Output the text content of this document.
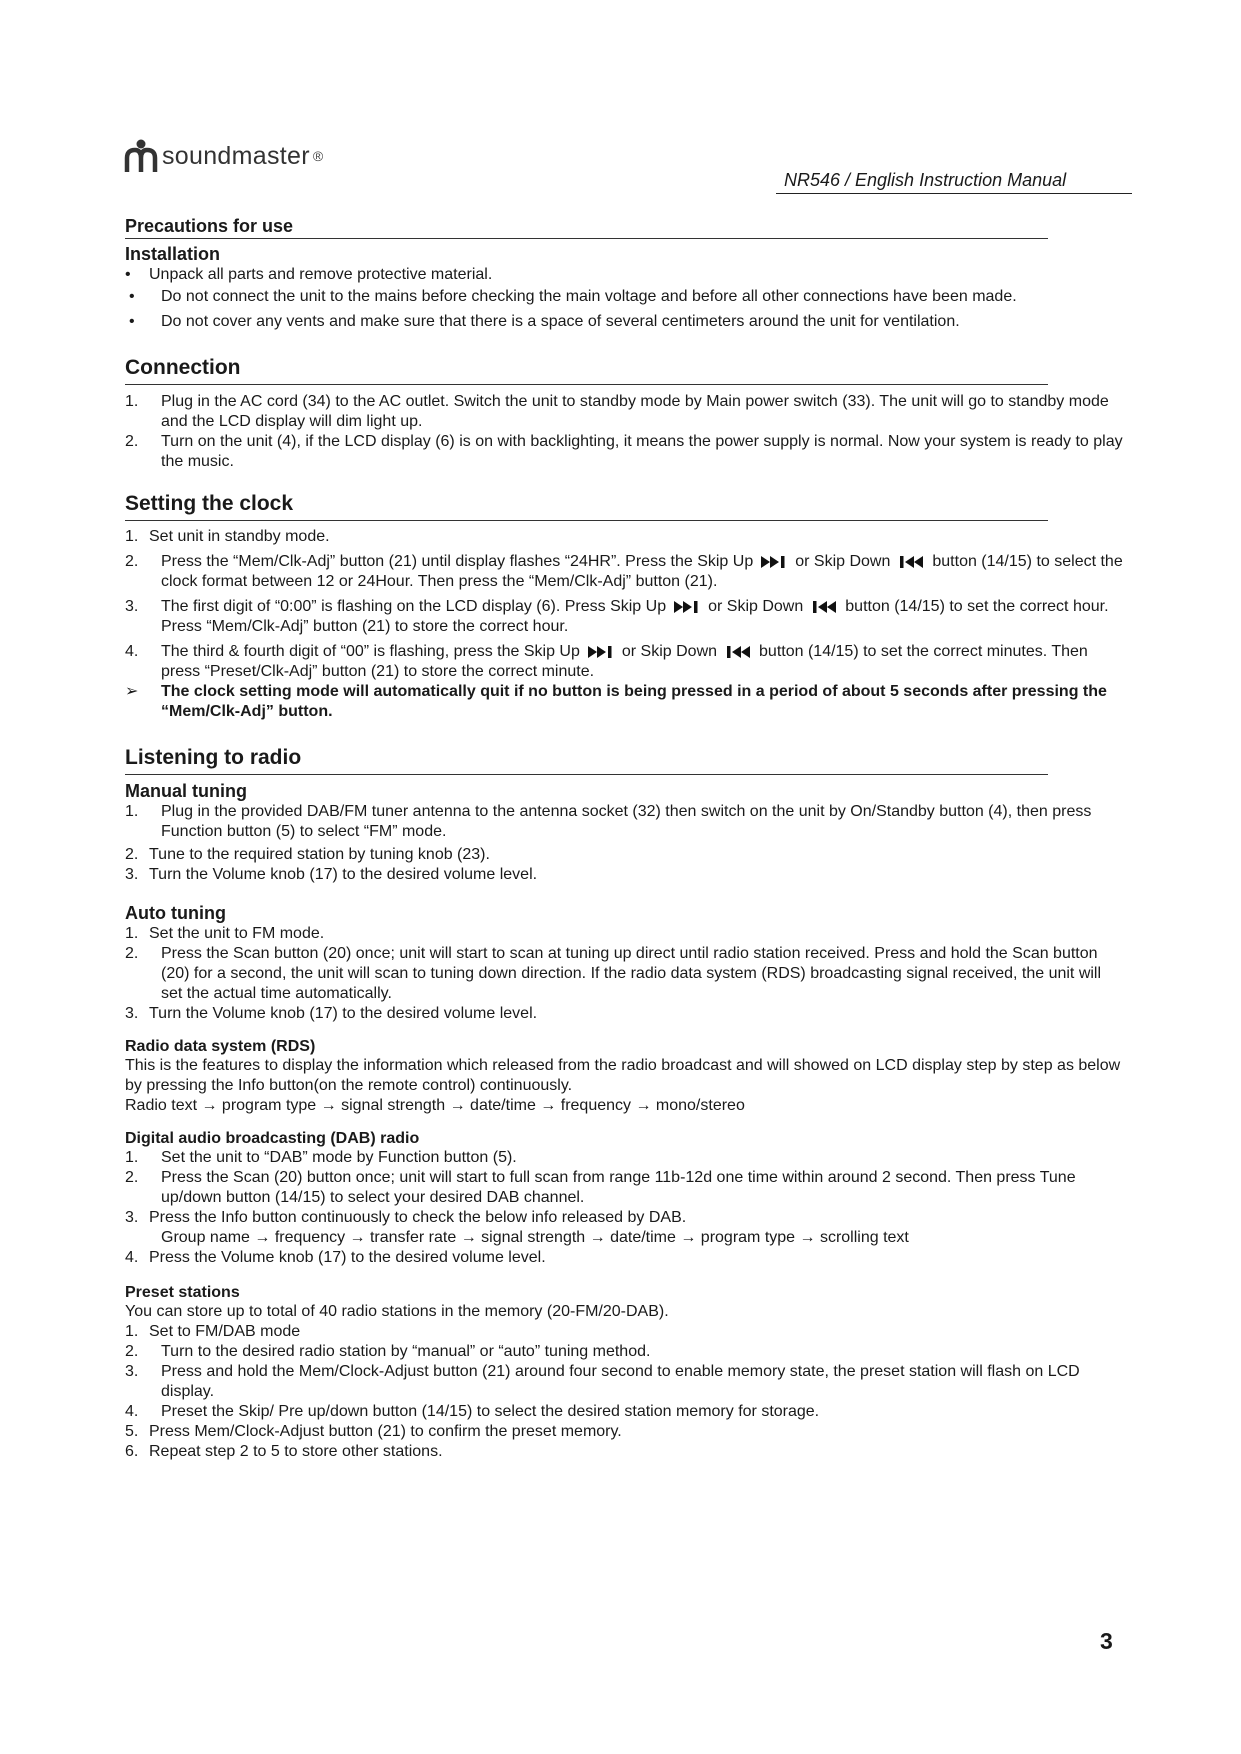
soundmaster ®
NR546 / English Instruction Manual
Precautions for use
Installation
• Unpack all parts and remove protective material.
• Do not connect the unit to the mains before checking the main voltage and before all other connections have been made.
• Do not cover any vents and make sure that there is a space of several centimeters around the unit for ventilation.
Connection
1. Plug in the AC cord (34) to the AC outlet. Switch the unit to standby mode by Main power switch (33). The unit will go to standby mode and the LCD display will dim light up.
2. Turn on the unit (4), if the LCD display (6) is on with backlighting, it means the power supply is normal. Now your system is ready to play the music.
Setting the clock
1. Set unit in standby mode.
2. Press the “Mem/Clk-Adj” button (21) until display flashes “24HR”. Press the Skip Up	or Skip Down	button (14/15) to select the clock format between 12 or 24Hour. Then press the “Mem/Clk-Adj” button (21).
3. The first digit of “0:00” is flashing on the LCD display (6). Press Skip Up	or Skip Down	button (14/15) to set the correct hour. Press “Mem/Clk-Adj” button (21) to store the correct hour.
4. The third & fourth digit of “00” is flashing, press the Skip Up	or Skip Down	button (14/15) to set the correct minutes. Then press “Preset/Clk-Adj” button (21) to store the correct minute.
➢ The clock setting mode will automatically quit if no button is being pressed in a period of about 5 seconds after pressing the “Mem/Clk-Adj” button.
Listening to radio
Manual tuning
1. Plug in the provided DAB/FM tuner antenna to the antenna socket (32) then switch on the unit by On/Standby button (4), then press Function button (5) to select “FM” mode.
2. Tune to the required station by tuning knob (23).
3. Turn the Volume knob (17) to the desired volume level.
Auto tuning
1. Set the unit to FM mode.
2. Press the Scan button (20) once; unit will start to scan at tuning up direct until radio station received. Press and hold the Scan button (20) for a second, the unit will scan to tuning down direction. If the radio data system (RDS) broadcasting signal received, the unit will set the actual time automatically.
3. Turn the Volume knob (17) to the desired volume level.
Radio data system (RDS)

This is the features to display the information which released from the radio broadcast and will showed on LCD display step by step as below by pressing the Info button(on the remote control) continuously.

Radio text → program type → signal strength → date/time → frequency → mono/stereo

Digital audio broadcasting (DAB) radio
1. Set the unit to “DAB” mode by Function button (5).
2. Press the Scan (20) button once; unit will start to full scan from range 11b-12d one time within around 2 second. Then press Tune up/down button (14/15) to select your desired DAB channel.
3. Press the Info button continuously to check the below info released by DAB.

Group name → frequency → transfer rate → signal strength → date/time → program type → scrolling text

4. Press the Volume knob (17) to the desired volume level.
Preset stations

You can store up to total of 40 radio stations in the memory (20-FM/20-DAB).

1. Set to FM/DAB mode
2. Turn to the desired radio station by “manual” or “auto” tuning method.
3. Press and hold the Mem/Clock-Adjust button (21) around four second to enable memory state, the preset station will flash on LCD display.
4. Preset the Skip/ Pre up/down button (14/15) to select the desired station memory for storage.
5. Press Mem/Clock-Adjust button (21) to confirm the preset memory.
6. Repeat step 2 to 5 to store other stations.
3
